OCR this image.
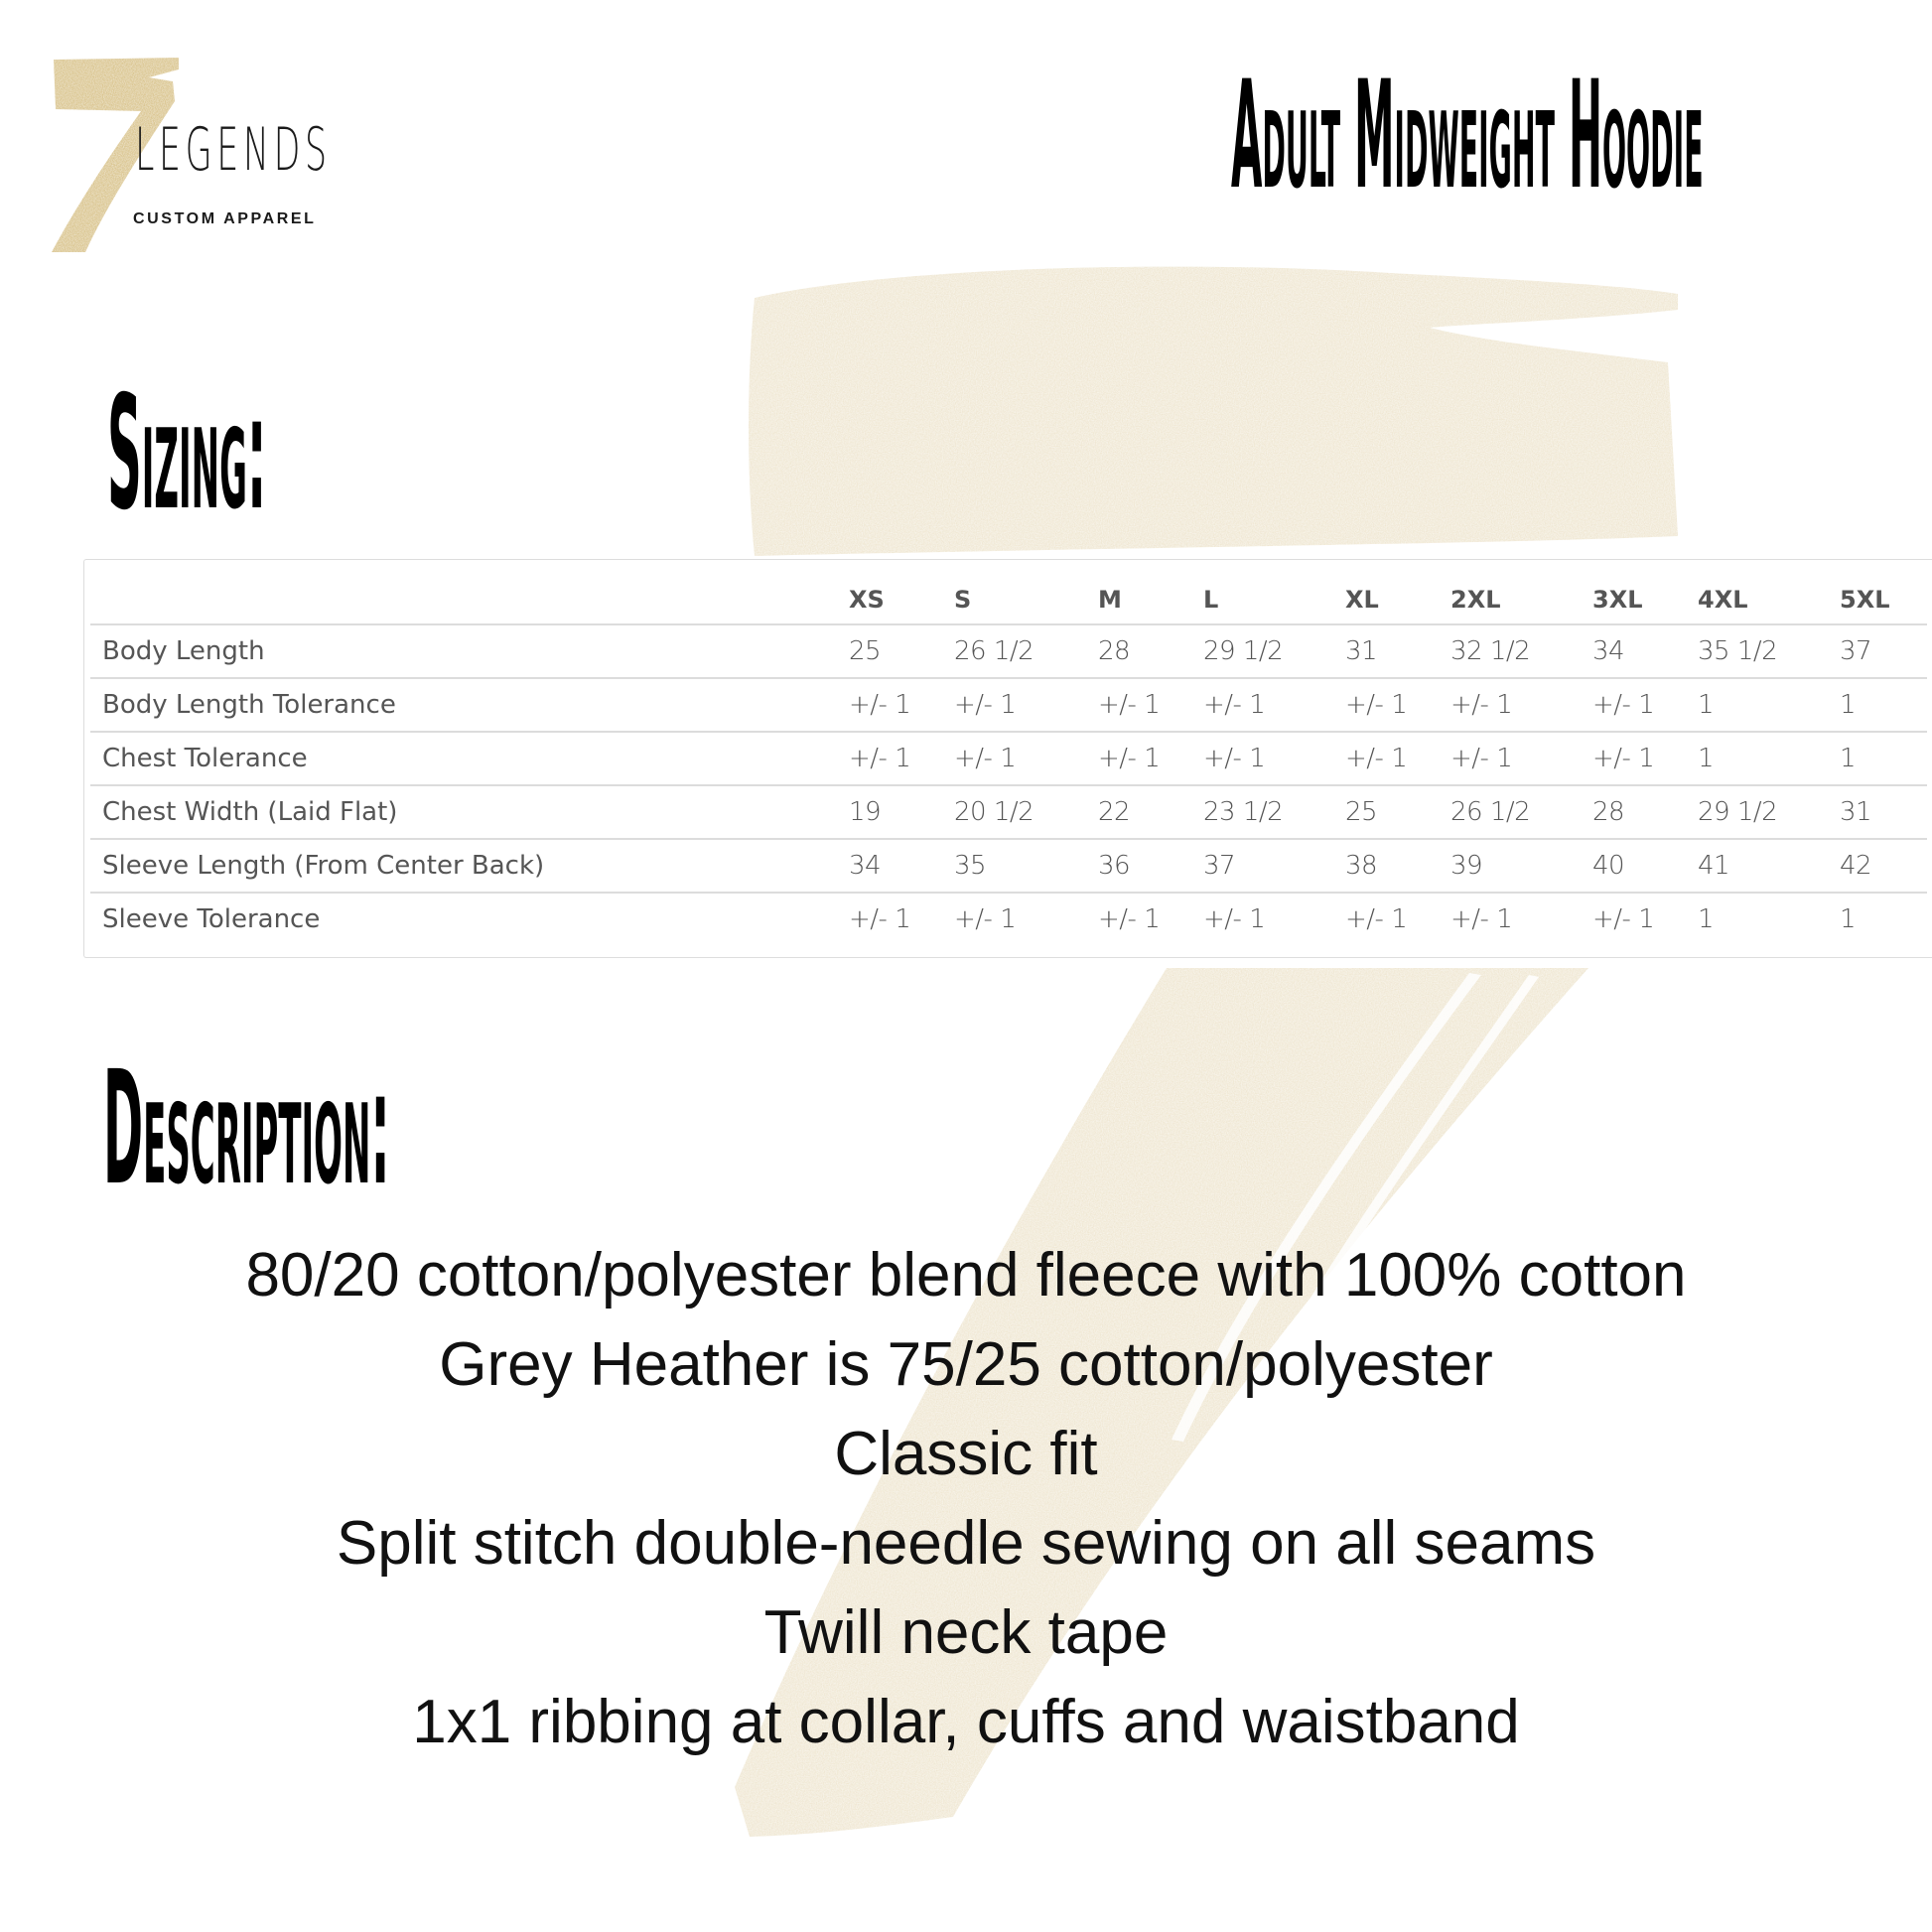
LEGENDS
CUSTOM APPAREL	Adult Midweight Hoodie
Sizing:
	XS	S	M	L	XL	2XL	3XL	4XL	5XL
Body Length	25	26 1/2	28	29 1/2	31	32 1/2	34	35 1/2	37
Body Length Tolerance	+/- 1	+/- 1	+/- 1	+/- 1	+/- 1	+/- 1	+/- 1	1	1
Chest Tolerance	+/- 1	+/- 1	+/- 1	+/- 1	+/- 1	+/- 1	+/- 1	1	1
Chest Width (Laid Flat)	19	20 1/2	22	23 1/2	25	26 1/2	28	29 1/2	31
Sleeve Length (From Center Back)	34	35	36	37	38	39	40	41	42
Sleeve Tolerance	+/- 1	+/- 1	+/- 1	+/- 1	+/- 1	+/- 1	+/- 1	1	1
Description:
80/20 cotton/polyester blend fleece with 100% cotton
Grey Heather is 75/25 cotton/polyester
Classic fit
Split stitch double-needle sewing on all seams
Twill neck tape
1x1 ribbing at collar, cuffs and waistband
